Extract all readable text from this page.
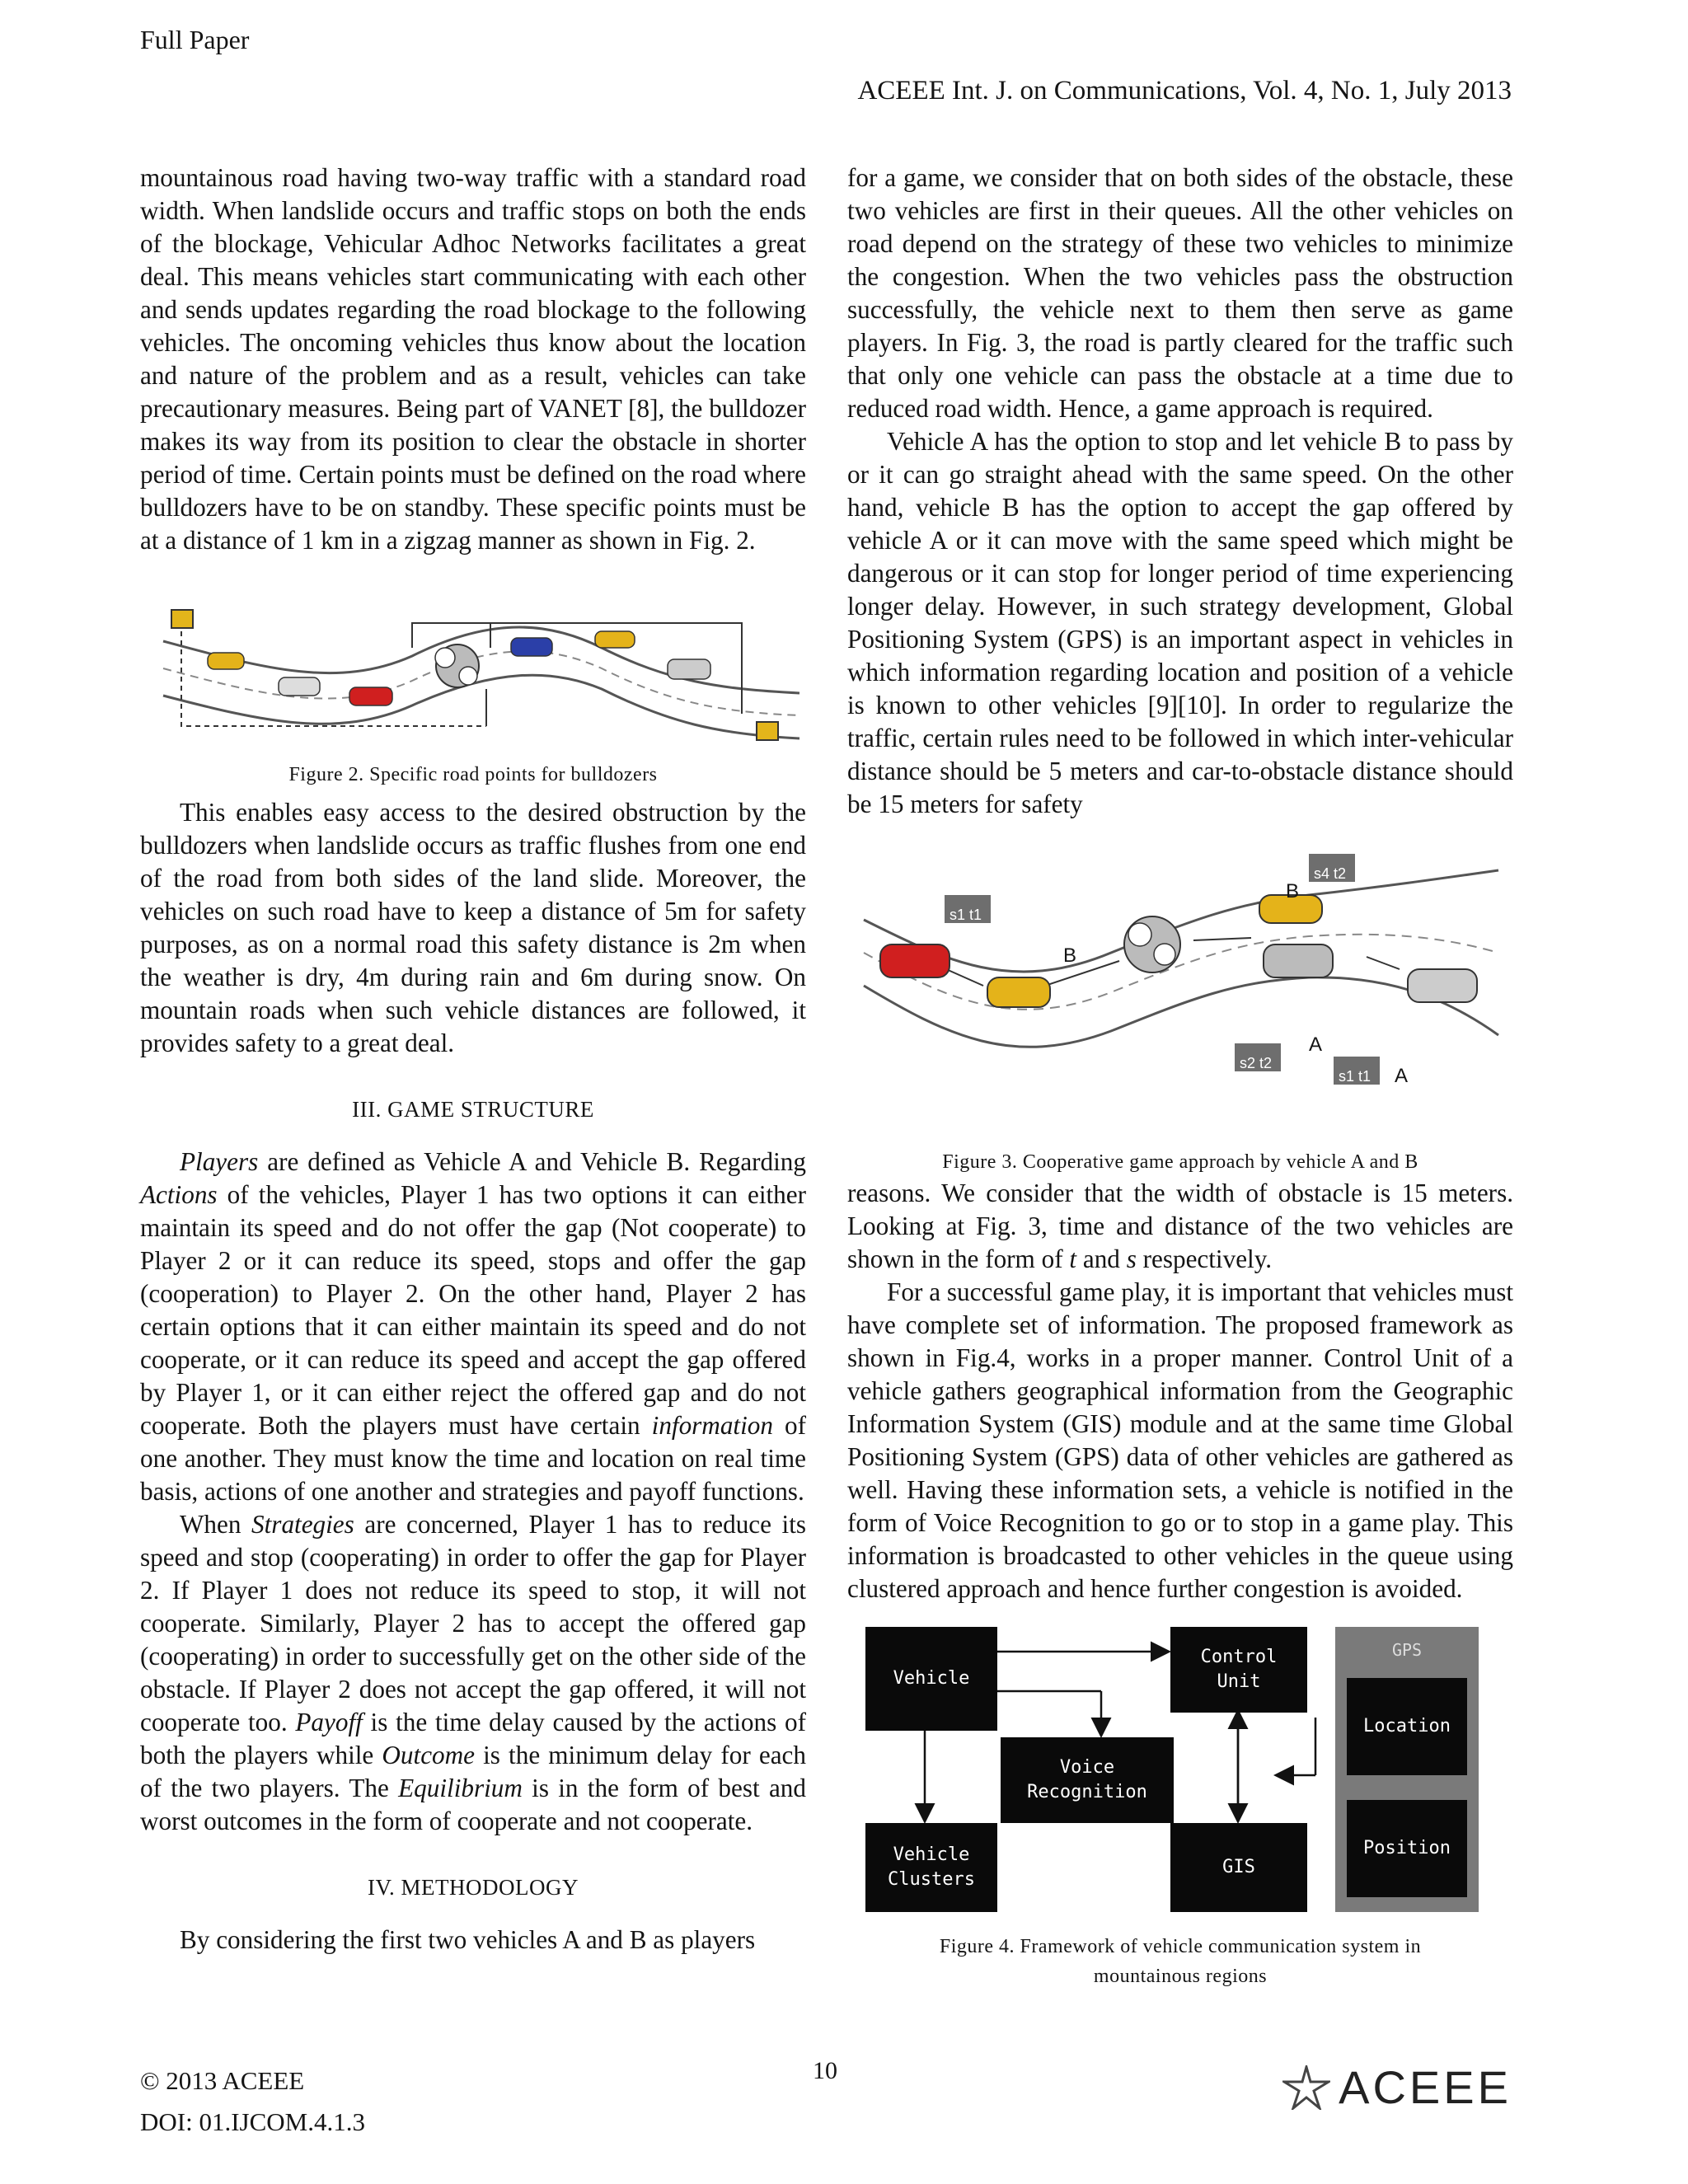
Full Paper
ACEEE Int. J. on Communications, Vol. 4, No. 1, July 2013

mountainous road having two-way traffic with a standard road width. When landslide occurs and traffic stops on both the ends of the blockage, Vehicular Adhoc Networks facilitates a great deal. This means vehicles start communicating with each other and sends updates regarding the road blockage to the following vehicles. The oncoming vehicles thus know about the location and nature of the problem and as a result, vehicles can take precautionary measures. Being part of VANET [8], the bulldozer makes its way from its position to clear the obstacle in shorter period of time. Certain points must be defined on the road where bulldozers have to be on standby. These specific points must be at a distance of 1 km in a zigzag manner as shown in Fig. 2.

Figure 2. Specific road points for bulldozers

This enables easy access to the desired obstruction by the bulldozers when landslide occurs as traffic flushes from one end of the road from both sides of the land slide. Moreover, the vehicles on such road have to keep a distance of 5m for safety purposes, as on a normal road this safety distance is 2m when the weather is dry, 4m during rain and 6m during snow. On mountain roads when such vehicle distances are followed, it provides safety to a great deal.

III. GAME STRUCTURE

Players are defined as Vehicle A and Vehicle B. Regarding Actions of the vehicles, Player 1 has two options it can either maintain its speed and do not offer the gap (Not cooperate) to Player 2 or it can reduce its speed, stops and offer the gap (cooperation) to Player 2. On the other hand, Player 2 has certain options that it can either maintain its speed and do not cooperate, or it can reduce its speed and accept the gap offered by Player 1, or it can either reject the offered gap and do not cooperate. Both the players must have certain information of one another. They must know the time and location on real time basis, actions of one another and strategies and payoff functions.

When Strategies are concerned, Player 1 has to reduce its speed and stop (cooperating) in order to offer the gap for Player 2. If Player 1 does not reduce its speed to stop, it will not cooperate. Similarly, Player 2 has to accept the offered gap (cooperating) in order to successfully get on the other side of the obstacle. If Player 2 does not accept the gap offered, it will not cooperate too. Payoff is the time delay caused by the actions of both the players while Outcome is the minimum delay for each of the two players. The Equilibrium is in the form of best and worst outcomes in the form of cooperate and not cooperate.

IV. METHODOLOGY

By considering the first two vehicles A and B as players

for a game, we consider that on both sides of the obstacle, these two vehicles are first in their queues. All the other vehicles on road depend on the strategy of these two vehicles to minimize the congestion. When the two vehicles pass the obstruction successfully, the vehicle next to them then serve as game players. In Fig. 3, the road is partly cleared for the traffic such that only one vehicle can pass the obstacle at a time due to reduced road width. Hence, a game approach is required.

Vehicle A has the option to stop and let vehicle B to pass by or it can go straight ahead with the same speed. On the other hand, vehicle B has the option to accept the gap offered by vehicle A or it can move with the same speed which might be dangerous or it can stop for longer period of time experiencing longer delay. However, in such strategy development, Global Positioning System (GPS) is an important aspect in vehicles in which information regarding location and position of a vehicle is known to other vehicles [9][10]. In order to regularize the traffic, certain rules need to be followed in which inter-vehicular distance should be 5 meters and car-to-obstacle distance should be 15 meters for safety

s1 t1
s4 t2
s2 t2
s1 t1
B
B
A
A
Figure 3. Cooperative game approach by vehicle A and B

reasons. We consider that the width of obstacle is 15 meters. Looking at Fig. 3, time and distance of the two vehicles are shown in the form of t and s respectively.

For a successful game play, it is important that vehicles must have complete set of information. The proposed framework as shown in Fig.4, works in a proper manner. Control Unit of a vehicle gathers geographical information from the Geographic Information System (GIS) module and at the same time Global Positioning System (GPS) data of other vehicles are gathered as well. Having these information sets, a vehicle is notified in the form of Voice Recognition to go or to stop in a game play. This information is broadcasted to other vehicles in the queue using clustered approach and hence further congestion is avoided.

Vehicle
Control Unit
GPS
Location
Position
Voice Recognition
Vehicle Clusters
GIS
Figure 4. Framework of vehicle communication system in
mountainous regions
© 2013 ACEEE
DOI: 01.IJCOM.4.1.3
10	ACEEE
